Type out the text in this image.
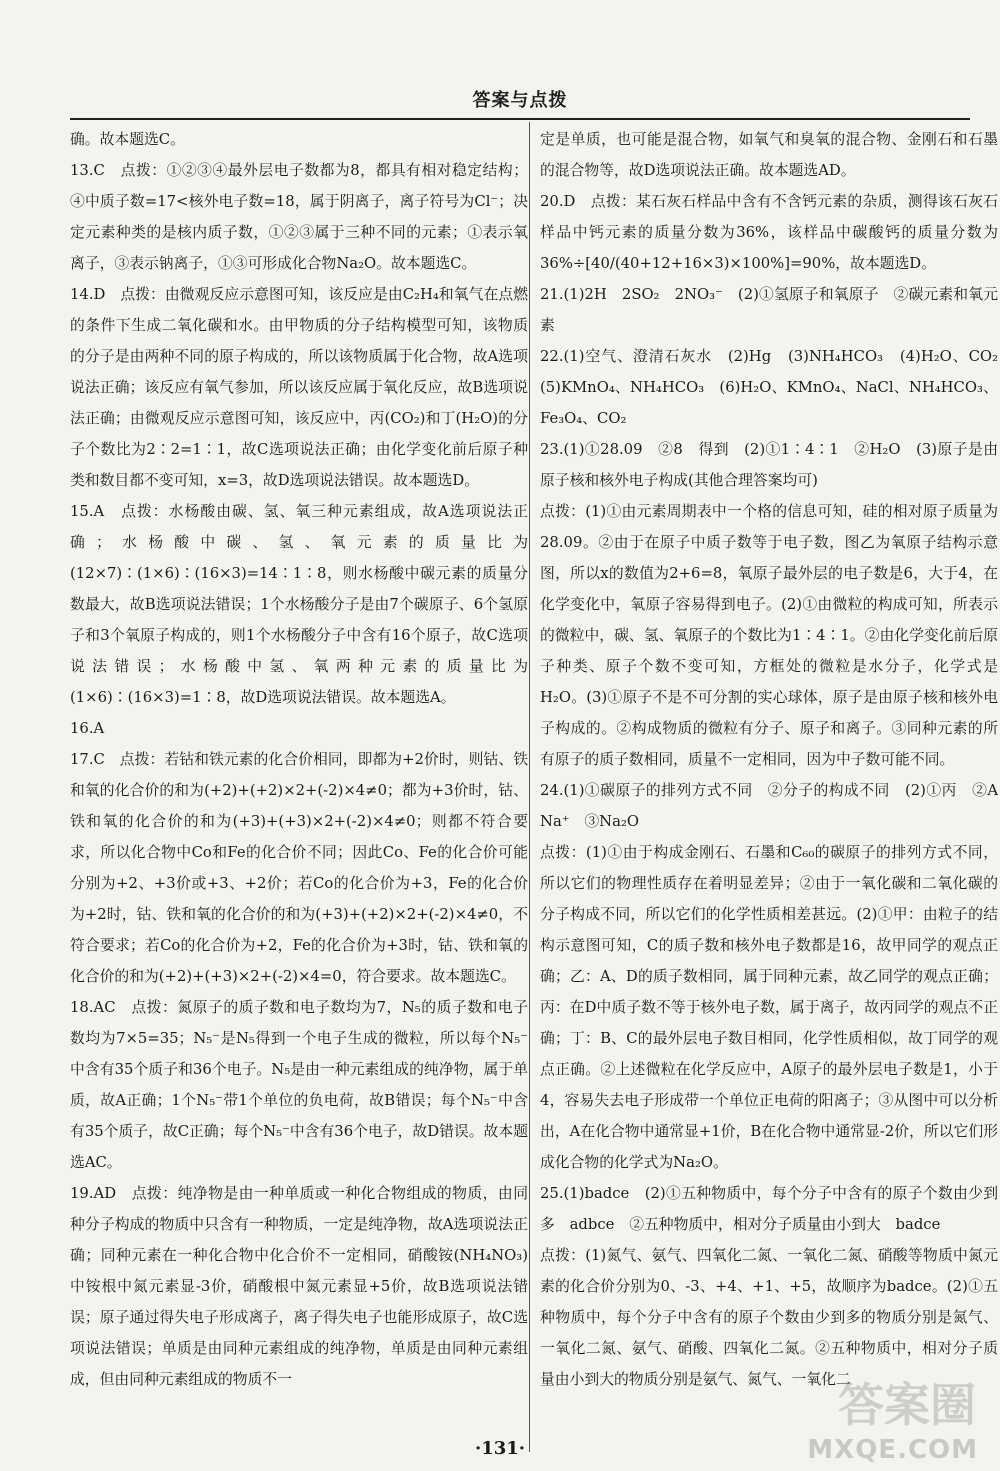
答案与点拨

确。故本题选C。

13.C　点拨：①②③④最外层电子数都为8，都具有相对稳定结构；④中质子数=17<核外电子数=18，属于阴离子，离子符号为Cl⁻；决定元素种类的是核内质子数，①②③属于三种不同的元素；①表示氧离子，③表示钠离子，①③可形成化合物Na₂O。故本题选C。

14.D　点拨：由微观反应示意图可知，该反应是由C₂H₄和氧气在点燃的条件下生成二氧化碳和水。由甲物质的分子结构模型可知，该物质的分子是由两种不同的原子构成的，所以该物质属于化合物，故A选项说法正确；该反应有氧气参加，所以该反应属于氧化反应，故B选项说法正确；由微观反应示意图可知，该反应中，丙(CO₂)和丁(H₂O)的分子个数比为2∶2=1∶1，故C选项说法正确；由化学变化前后原子种类和数目都不变可知，x=3，故D选项说法错误。故本题选D。

15.A　点拨：水杨酸由碳、氢、氧三种元素组成，故A选项说法正确；水杨酸中碳、氢、氧元素的质量比为(12×7)∶(1×6)∶(16×3)=14∶1∶8，则水杨酸中碳元素的质量分数最大，故B选项说法错误；1个水杨酸分子是由7个碳原子、6个氢原子和3个氧原子构成的，则1个水杨酸分子中含有16个原子，故C选项说法错误；水杨酸中氢、氧两种元素的质量比为(1×6)∶(16×3)=1∶8，故D选项说法错误。故本题选A。

16.A

17.C　点拨：若钴和铁元素的化合价相同，即都为+2价时，则钴、铁和氧的化合价的和为(+2)+(+2)×2+(-2)×4≠0；都为+3价时，钴、铁和氧的化合价的和为(+3)+(+3)×2+(-2)×4≠0；则都不符合要求，所以化合物中Co和Fe的化合价不同；因此Co、Fe的化合价可能分别为+2、+3价或+3、+2价；若Co的化合价为+3，Fe的化合价为+2时，钴、铁和氧的化合价的和为(+3)+(+2)×2+(-2)×4≠0，不符合要求；若Co的化合价为+2，Fe的化合价为+3时，钴、铁和氧的化合价的和为(+2)+(+3)×2+(-2)×4=0，符合要求。故本题选C。

18.AC　点拨：氮原子的质子数和电子数均为7，N₅的质子数和电子数均为7×5=35；N₅⁻是N₅得到一个电子生成的微粒，所以每个N₅⁻中含有35个质子和36个电子。N₅是由一种元素组成的纯净物，属于单质，故A正确；1个N₅⁻带1个单位的负电荷，故B错误；每个N₅⁻中含有35个质子，故C正确；每个N₅⁻中含有36个电子，故D错误。故本题选AC。

19.AD　点拨：纯净物是由一种单质或一种化合物组成的物质，由同种分子构成的物质中只含有一种物质，一定是纯净物，故A选项说法正确；同种元素在一种化合物中化合价不一定相同，硝酸铵(NH₄NO₃)中铵根中氮元素显-3价，硝酸根中氮元素显+5价，故B选项说法错误；原子通过得失电子形成离子，离子得失电子也能形成原子，故C选项说法错误；单质是由同种元素组成的纯净物，单质是由同种元素组成，但由同种元素组成的物质不一

定是单质，也可能是混合物，如氧气和臭氧的混合物、金刚石和石墨的混合物等，故D选项说法正确。故本题选AD。

20.D　点拨：某石灰石样品中含有不含钙元素的杂质，测得该石灰石样品中钙元素的质量分数为36%，该样品中碳酸钙的质量分数为36%÷[40/(40+12+16×3)×100%]=90%，故本题选D。

21.(1)2H　2SO₂　2NO₃⁻　(2)①氢原子和氧原子　②碳元素和氧元素

22.(1)空气、澄清石灰水　(2)Hg　(3)NH₄HCO₃　(4)H₂O、CO₂　(5)KMnO₄、NH₄HCO₃　(6)H₂O、KMnO₄、NaCl、NH₄HCO₃、Fe₃O₄、CO₂

23.(1)①28.09　②8　得到　(2)①1∶4∶1　②H₂O　(3)原子是由原子核和核外电子构成(其他合理答案均可)

点拨：(1)①由元素周期表中一个格的信息可知，硅的相对原子质量为28.09。②由于在原子中质子数等于电子数，图乙为氧原子结构示意图，所以x的数值为2+6=8，氧原子最外层的电子数是6，大于4，在化学变化中，氧原子容易得到电子。(2)①由微粒的构成可知，所表示的微粒中，碳、氢、氧原子的个数比为1∶4∶1。②由化学变化前后原子种类、原子个数不变可知，方框处的微粒是水分子，化学式是H₂O。(3)①原子不是不可分割的实心球体，原子是由原子核和核外电子构成的。②构成物质的微粒有分子、原子和离子。③同种元素的所有原子的质子数相同，质量不一定相同，因为中子数可能不同。

24.(1)①碳原子的排列方式不同　②分子的构成不同　(2)①丙　②A　Na⁺　③Na₂O

点拨：(1)①由于构成金刚石、石墨和C₆₀的碳原子的排列方式不同，所以它们的物理性质存在着明显差异；②由于一氧化碳和二氧化碳的分子构成不同，所以它们的化学性质相差甚远。(2)①甲：由粒子的结构示意图可知，C的质子数和核外电子数都是16，故甲同学的观点正确；乙：A、D的质子数相同，属于同种元素，故乙同学的观点正确；丙：在D中质子数不等于核外电子数，属于离子，故丙同学的观点不正确；丁：B、C的最外层电子数目相同，化学性质相似，故丁同学的观点正确。②上述微粒在化学反应中，A原子的最外层电子数是1，小于4，容易失去电子形成带一个单位正电荷的阳离子；③从图中可以分析出，A在化合物中通常显+1价，B在化合物中通常显-2价，所以它们形成化合物的化学式为Na₂O。

25.(1)badce　(2)①五种物质中，每个分子中含有的原子个数由少到多　adbce　②五种物质中，相对分子质量由小到大　badce

点拨：(1)氮气、氨气、四氧化二氮、一氧化二氮、硝酸等物质中氮元素的化合价分别为0、-3、+4、+1、+5，故顺序为badce。(2)①五种物质中，每个分子中含有的原子个数由少到多的物质分别是氮气、一氧化二氮、氨气、硝酸、四氧化二氮。②五种物质中，相对分子质量由小到大的物质分别是氨气、氮气、一氧化二

·131·
答案圈
MXQE.COM
